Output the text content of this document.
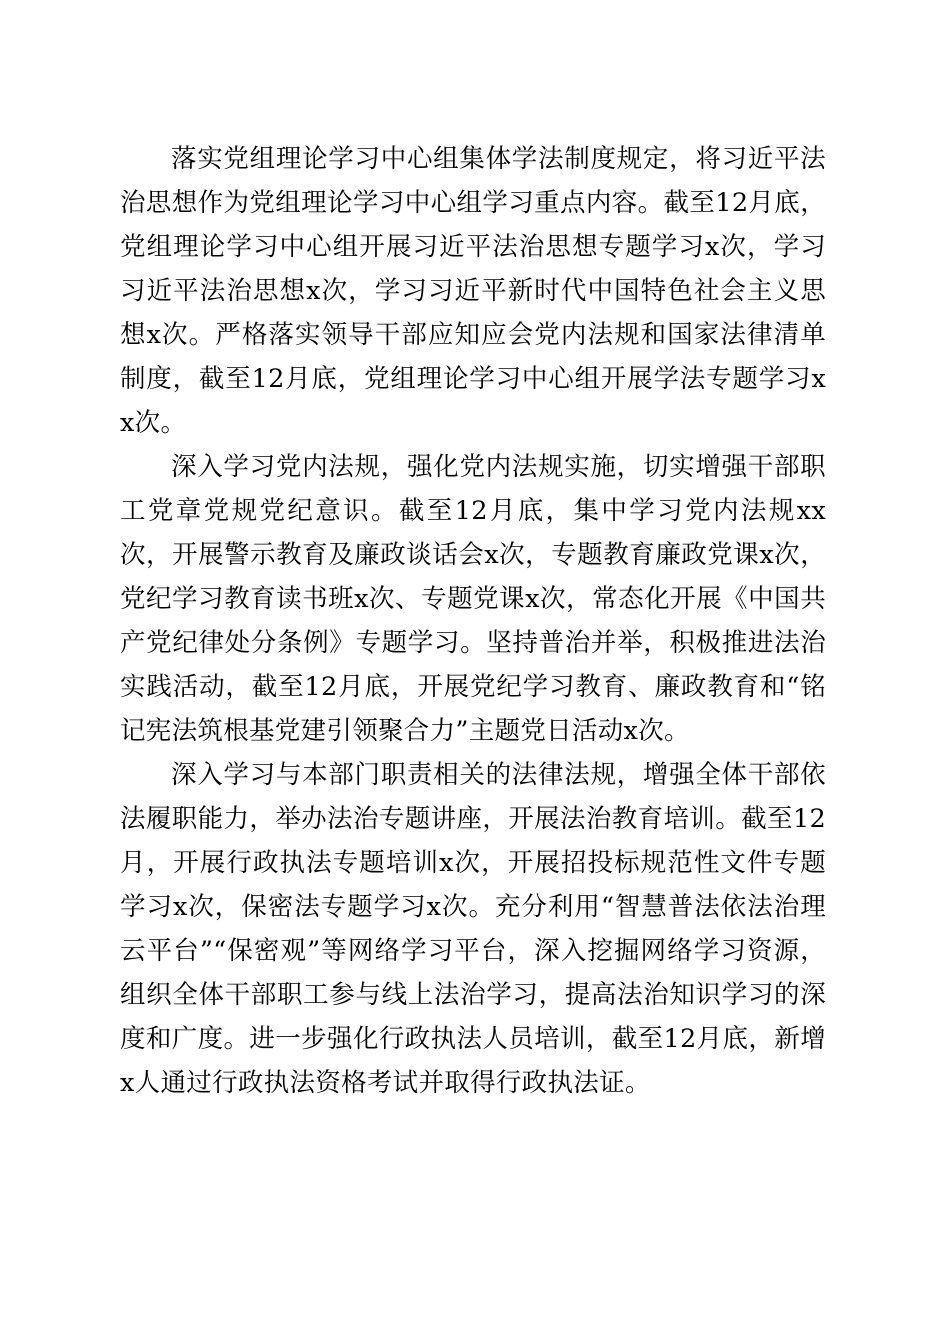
落实党组理论学习中心组集体学法制度规定，将习近平法治思想作为党组理论学习中心组学习重点内容。截至12月底，党组理论学习中心组开展习近平法治思想专题学习x次，学习习近平法治思想x次，学习习近平新时代中国特色社会主义思想x次。严格落实领导干部应知应会党内法规和国家法律清单制度，截至12月底，党组理论学习中心组开展学法专题学习xx次。

深入学习党内法规，强化党内法规实施，切实增强干部职工党章党规党纪意识。截至12月底，集中学习党内法规xx次，开展警示教育及廉政谈话会x次，专题教育廉政党课x次，党纪学习教育读书班x次、专题党课x次，常态化开展《中国共产党纪律处分条例》专题学习。坚持普治并举，积极推进法治实践活动，截至12月底，开展党纪学习教育、廉政教育和“铭记宪法筑根基党建引领聚合力”主题党日活动x次。

深入学习与本部门职责相关的法律法规，增强全体干部依法履职能力，举办法治专题讲座，开展法治教育培训。截至12月，开展行政执法专题培训x次，开展招投标规范性文件专题学习x次，保密法专题学习x次。充分利用“智慧普法依法治理云平台”“保密观”等网络学习平台，深入挖掘网络学习资源，组织全体干部职工参与线上法治学习，提高法治知识学习的深度和广度。进一步强化行政执法人员培训，截至12月底，新增x人通过行政执法资格考试并取得行政执法证。
